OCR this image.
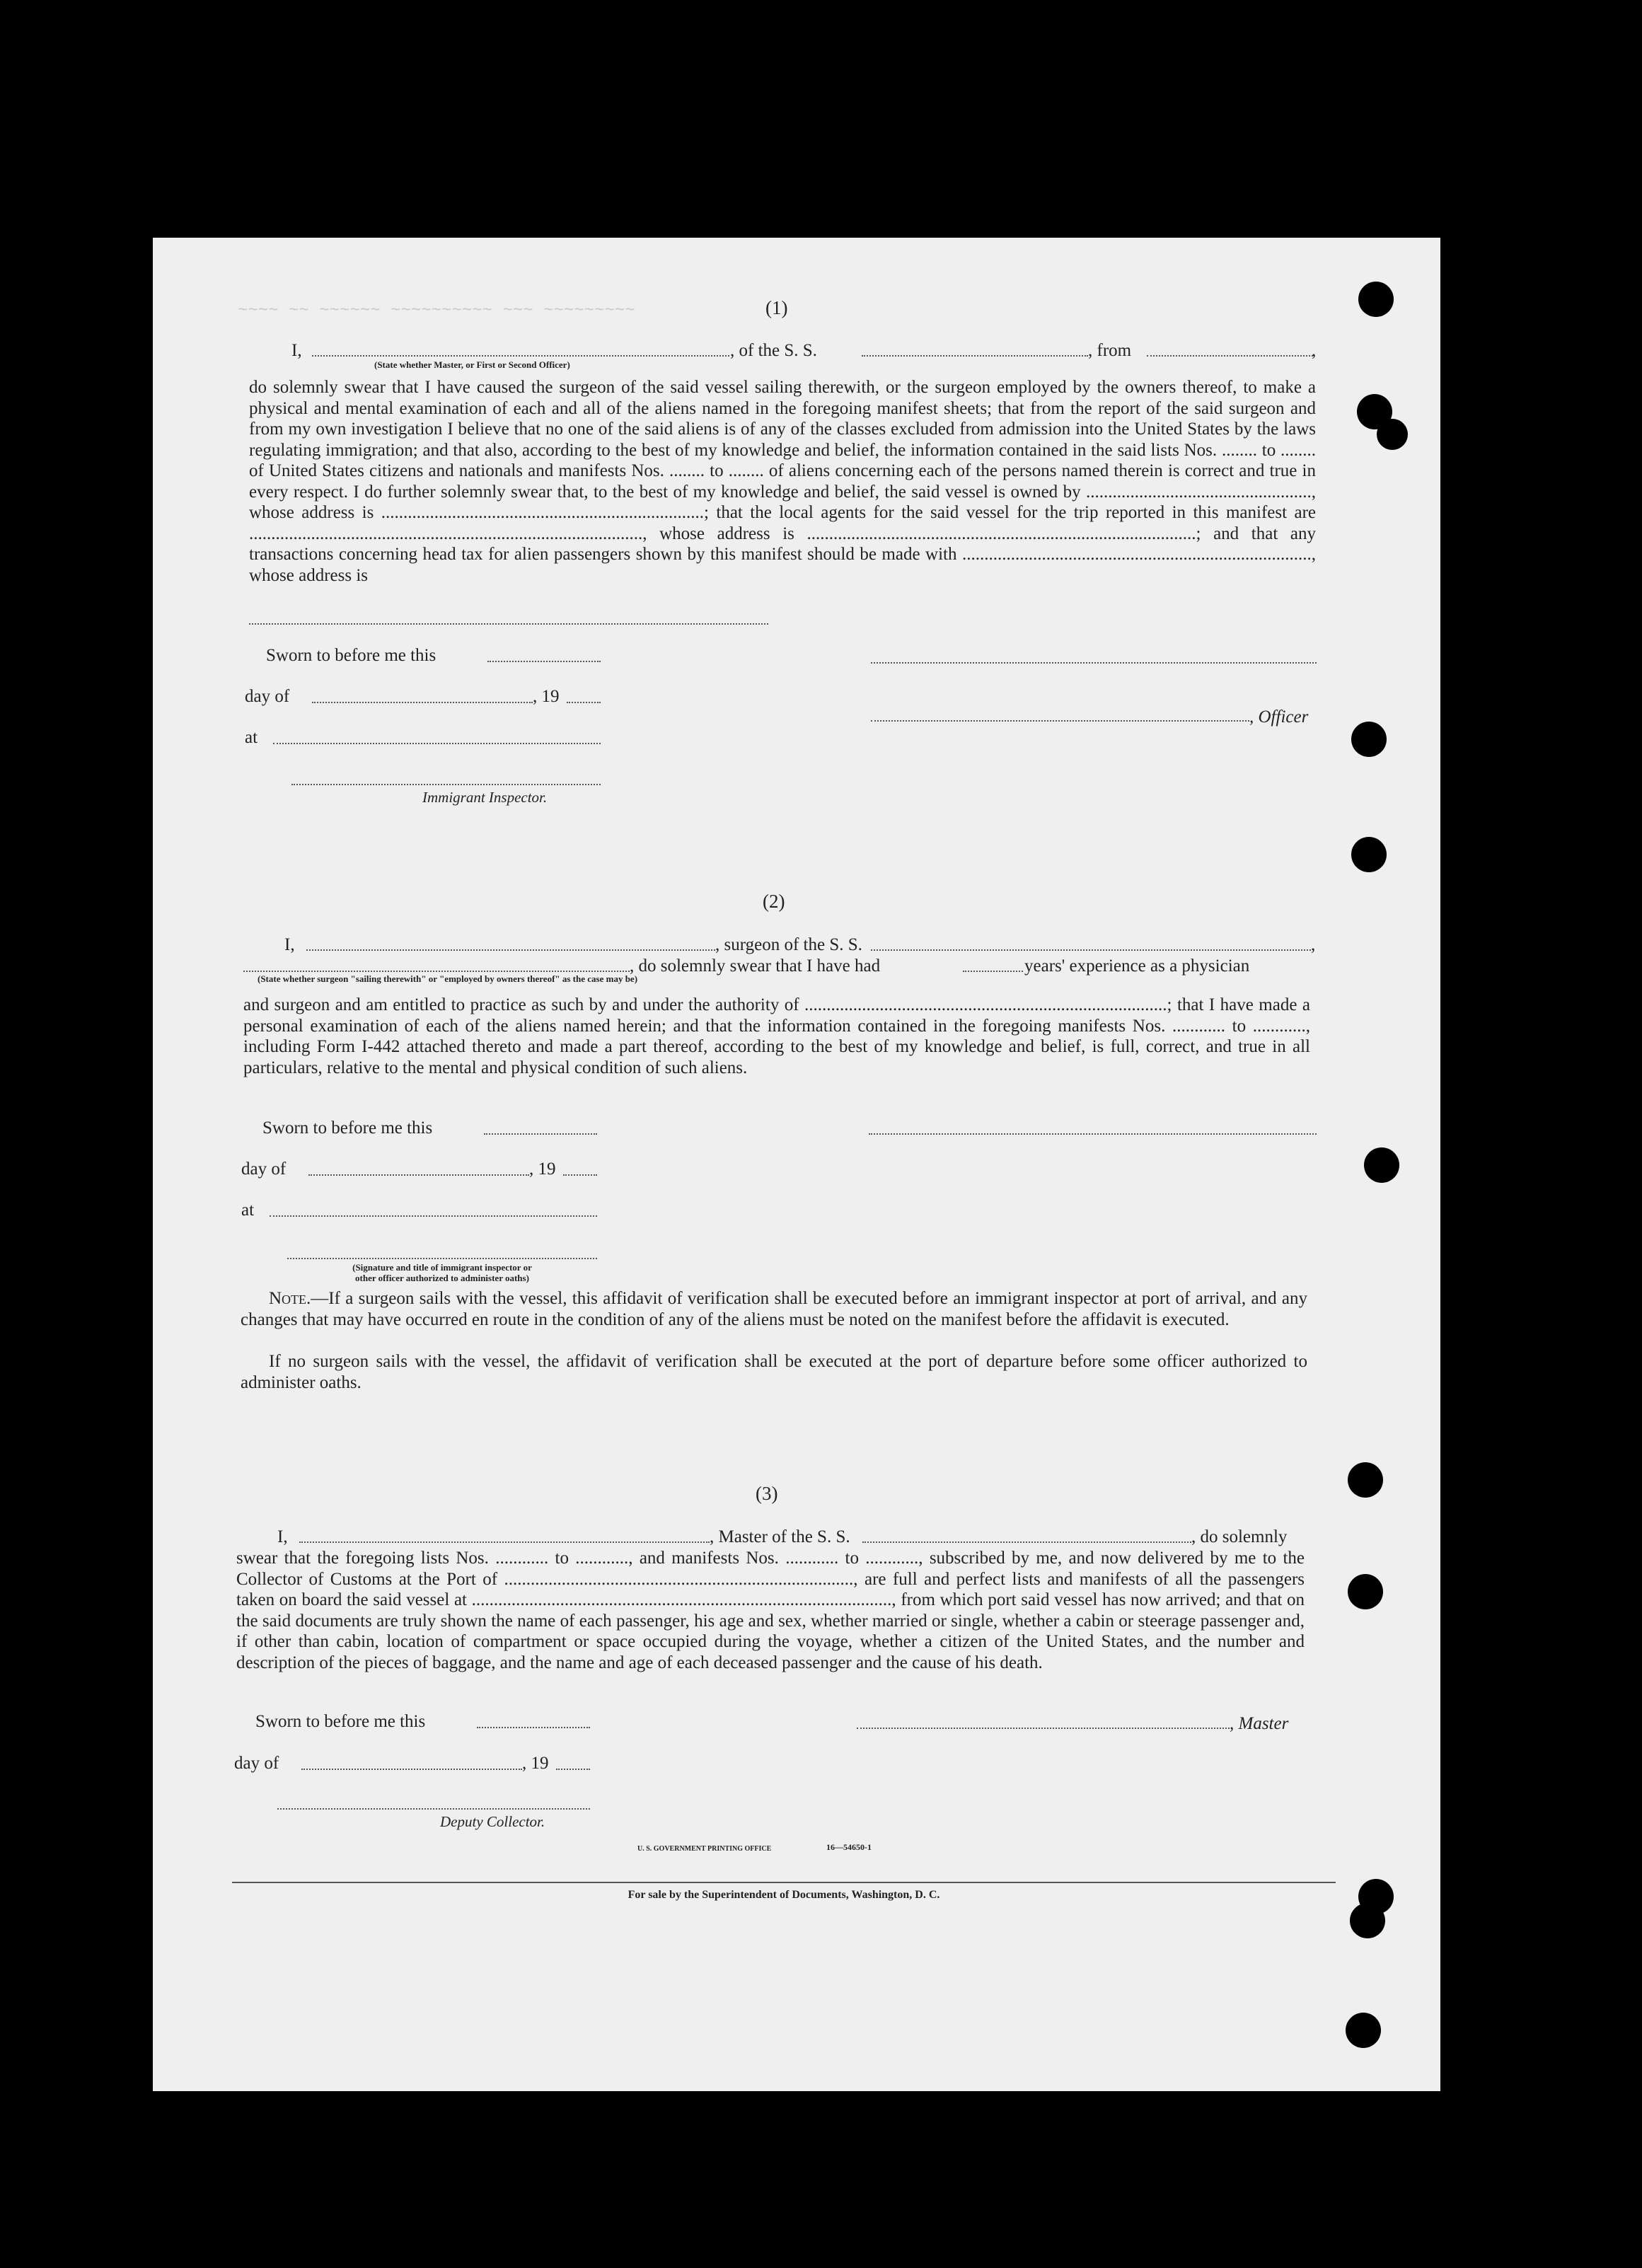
~~~~ ~~ ~~~~~~ ~~~~~~~~~~ ~~~ ~~~~~~~~~	(1)
I,	, of the S. S.	, from	,
(State whether Master, or First or Second Officer)
do solemnly swear that I have caused the surgeon of the said vessel sailing therewith, or the surgeon employed by the owners thereof, to make a physical and mental examination of each and all of the aliens named in the foregoing manifest sheets; that from the report of the said surgeon and from my own investigation I believe that no one of the said aliens is of any of the classes excluded from admission into the United States by the laws regulating immigration; and that also, according to the best of my knowledge and belief, the information contained in the said lists Nos. ........ to ........ of United States citizens and nationals and manifests Nos. ........ to ........ of aliens concerning each of the persons named therein is correct and true in every respect. I do further solemnly swear that, to the best of my knowledge and belief, the said vessel is owned by ..................................................., whose address is .........................................................................; that the local agents for the said vessel for the trip reported in this manifest are ........................................................................................., whose address is ........................................................................................; and that any transactions concerning head tax for alien passengers shown by this manifest should be made with ..............................................................................., whose address is
Sworn to before me this
day of	, 19
at
Immigrant Inspector.
, Officer
(2)
I,	, surgeon of the S. S.	,
, do solemnly swear that I have had	years' experience as a physician
(State whether surgeon "sailing therewith" or "employed by owners thereof" as the case may be)
and surgeon and am entitled to practice as such by and under the authority of ..................................................................................; that I have made a personal examination of each of the aliens named herein; and that the information contained in the foregoing manifests Nos. ............ to ............, including Form I-442 attached thereto and made a part thereof, according to the best of my knowledge and belief, is full, correct, and true in all particulars, relative to the mental and physical condition of such aliens.
Sworn to before me this
day of	, 19
at
(Signature and title of immigrant inspector or
other officer authorized to administer oaths)
Note.—If a surgeon sails with the vessel, this affidavit of verification shall be executed before an immigrant inspector at port of arrival, and any changes that may have occurred en route in the condition of any of the aliens must be noted on the manifest before the affidavit is executed.
If no surgeon sails with the vessel, the affidavit of verification shall be executed at the port of departure before some officer authorized to administer oaths.
(3)
I,	, Master of the S. S.	, do solemnly
swear that the foregoing lists Nos. ............ to ............, and manifests Nos. ............ to ............, subscribed by me, and now delivered by me to the Collector of Customs at the Port of ..............................................................................., are full and perfect lists and manifests of all the passengers taken on board the said vessel at ..............................................................................................., from which port said vessel has now arrived; and that on the said documents are truly shown the name of each passenger, his age and sex, whether married or single, whether a cabin or steerage passenger and, if other than cabin, location of compartment or space occupied during the voyage, whether a citizen of the United States, and the number and description of the pieces of baggage, and the name and age of each deceased passenger and the cause of his death.
Sworn to before me this
day of	, 19
Deputy Collector.
, Master
U. S. GOVERNMENT PRINTING OFFICE	16—54650-1
For sale by the Superintendent of Documents, Washington, D. C.
